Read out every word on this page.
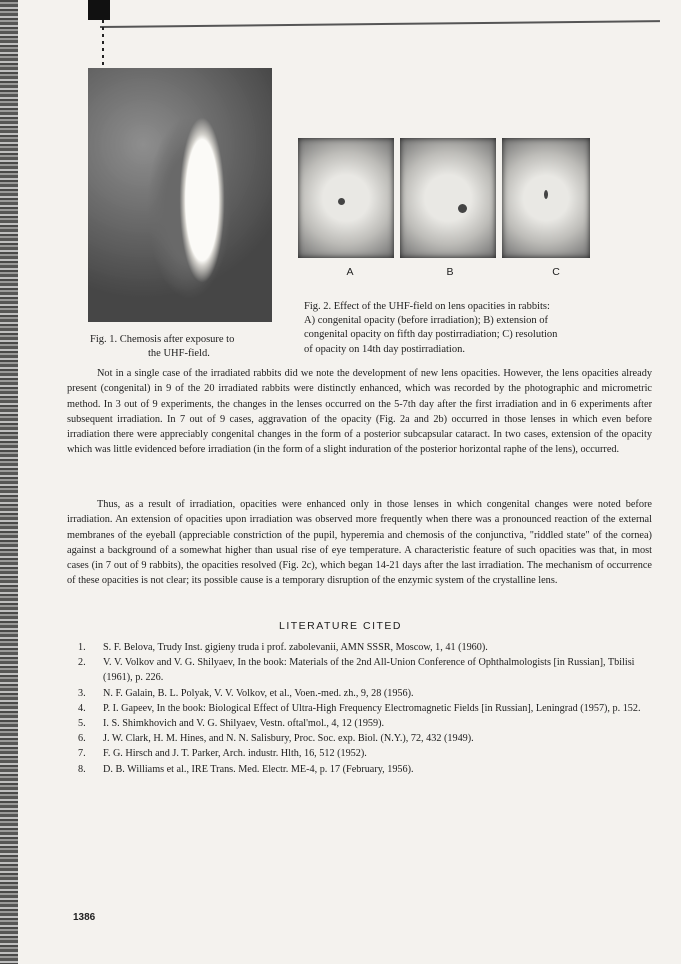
Fig. 1. Chemosis after exposure to
the UHF-field.
A	B	C
Fig. 2. Effect of the UHF-field on lens opacities in rabbits:
A) congenital opacity (before irradiation); B) extension of
congenital opacity on fifth day postirradiation; C) resolution
of opacity on 14th day postirradiation.

Not in a single case of the irradiated rabbits did we note the development of new lens opacities. However, the lens opacities already present (congenital) in 9 of the 20 irradiated rabbits were distinctly enhanced, which was recorded by the photographic and micrometric method. In 3 out of 9 experiments, the changes in the lenses occurred on the 5-7th day after the first irradiation and in 6 experiments after subsequent irradiation. In 7 out of 9 cases, aggravation of the opacity (Fig. 2a and 2b) occurred in those lenses in which even before irradiation there were appreciably congenital changes in the form of a posterior subcapsular cataract. In two cases, extension of the opacity which was little evidenced before irradiation (in the form of a slight induration of the posterior horizontal raphe of the lens), occurred.

Thus, as a result of irradiation, opacities were enhanced only in those lenses in which congenital changes were noted before irradiation. An extension of opacities upon irradiation was observed more frequently when there was a pronounced reaction of the external membranes of the eyeball (appreciable constriction of the pupil, hyperemia and chemosis of the conjunctiva, "riddled state" of the cornea) against a background of a somewhat higher than usual rise of eye temperature. A characteristic feature of such opacities was that, in most cases (in 7 out of 9 rabbits), the opacities resolved (Fig. 2c), which began 14-21 days after the last irradiation. The mechanism of occurrence of these opacities is not clear; its possible cause is a temporary disruption of the enzymic system of the crystalline lens.

LITERATURE CITED
1. S. F. Belova, Trudy Inst. gigieny truda i prof. zabolevanii, AMN SSSR, Moscow, 1, 41 (1960).
2. V. V. Volkov and V. G. Shilyaev, In the book: Materials of the 2nd All-Union Conference of Ophthalmologists [in Russian], Tbilisi (1961), p. 226.
3. N. F. Galain, B. L. Polyak, V. V. Volkov, et al., Voen.-med. zh., 9, 28 (1956).
4. P. I. Gapeev, In the book: Biological Effect of Ultra-High Frequency Electromagnetic Fields [in Russian], Leningrad (1957), p. 152.
5. I. S. Shimkhovich and V. G. Shilyaev, Vestn. oftal'mol., 4, 12 (1959).
6. J. W. Clark, H. M. Hines, and N. N. Salisbury, Proc. Soc. exp. Biol. (N.Y.), 72, 432 (1949).
7. F. G. Hirsch and J. T. Parker, Arch. industr. Hlth, 16, 512 (1952).
8. D. B. Williams et al., IRE Trans. Med. Electr. ME-4, p. 17 (February, 1956).
1386
